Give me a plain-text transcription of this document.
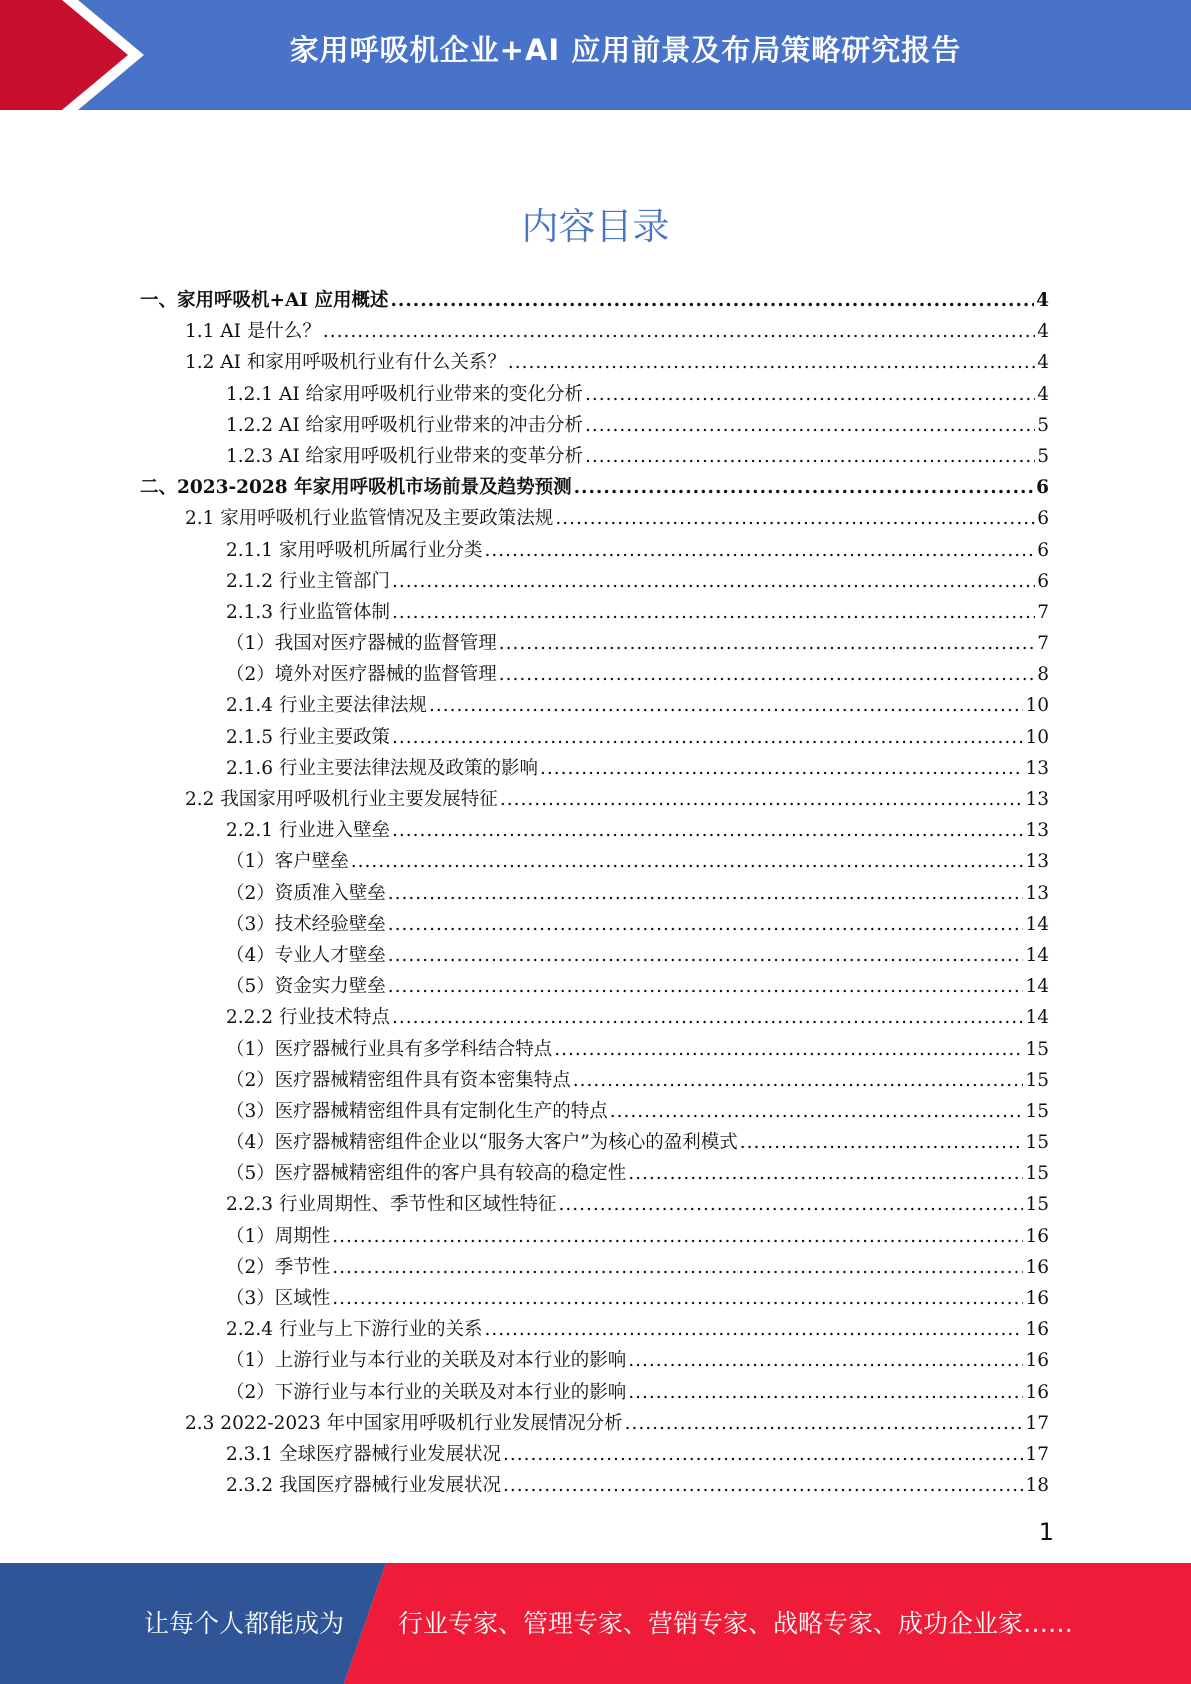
家用呼吸机企业+AI 应用前景及布局策略研究报告
内容目录
一、家用呼吸机+AI 应用概述 .....	4
1.1 AI 是什么？ .....	4
1.2 AI 和家用呼吸机行业有什么关系？ .....	4
1.2.1 AI 给家用呼吸机行业带来的变化分析 .....	4
1.2.2 AI 给家用呼吸机行业带来的冲击分析 .....	5
1.2.3 AI 给家用呼吸机行业带来的变革分析 .....	5
二、2023-2028 年家用呼吸机市场前景及趋势预测 .....	6
2.1 家用呼吸机行业监管情况及主要政策法规 .....	6
2.1.1 家用呼吸机所属行业分类 .....	6
2.1.2 行业主管部门 .....	6
2.1.3 行业监管体制 .....	7
（1）我国对医疗器械的监督管理 .....	7
（2）境外对医疗器械的监督管理 .....	8
2.1.4 行业主要法律法规 .....	10
2.1.5 行业主要政策 .....	10
2.1.6 行业主要法律法规及政策的影响 .....	13
2.2 我国家用呼吸机行业主要发展特征 .....	13
2.2.1 行业进入壁垒 .....	13
（1）客户壁垒 .....	13
（2）资质准入壁垒 .....	13
（3）技术经验壁垒 .....	14
（4）专业人才壁垒 .....	14
（5）资金实力壁垒 .....	14
2.2.2 行业技术特点 .....	14
（1）医疗器械行业具有多学科结合特点 .....	15
（2）医疗器械精密组件具有资本密集特点 .....	15
（3）医疗器械精密组件具有定制化生产的特点 .....	15
（4）医疗器械精密组件企业以“服务大客户”为核心的盈利模式 .....	15
（5）医疗器械精密组件的客户具有较高的稳定性 .....	15
2.2.3 行业周期性、季节性和区域性特征 .....	15
（1）周期性 .....	16
（2）季节性 .....	16
（3）区域性 .....	16
2.2.4 行业与上下游行业的关系 .....	16
（1）上游行业与本行业的关联及对本行业的影响 .....	16
（2）下游行业与本行业的关联及对本行业的影响 .....	16
2.3 2022-2023 年中国家用呼吸机行业发展情况分析 .....	17
2.3.1 全球医疗器械行业发展状况 .....	17
2.3.2 我国医疗器械行业发展状况 .....	18
1
让每个人都能成为 行业专家、管理专家、营销专家、战略专家、成功企业家……
